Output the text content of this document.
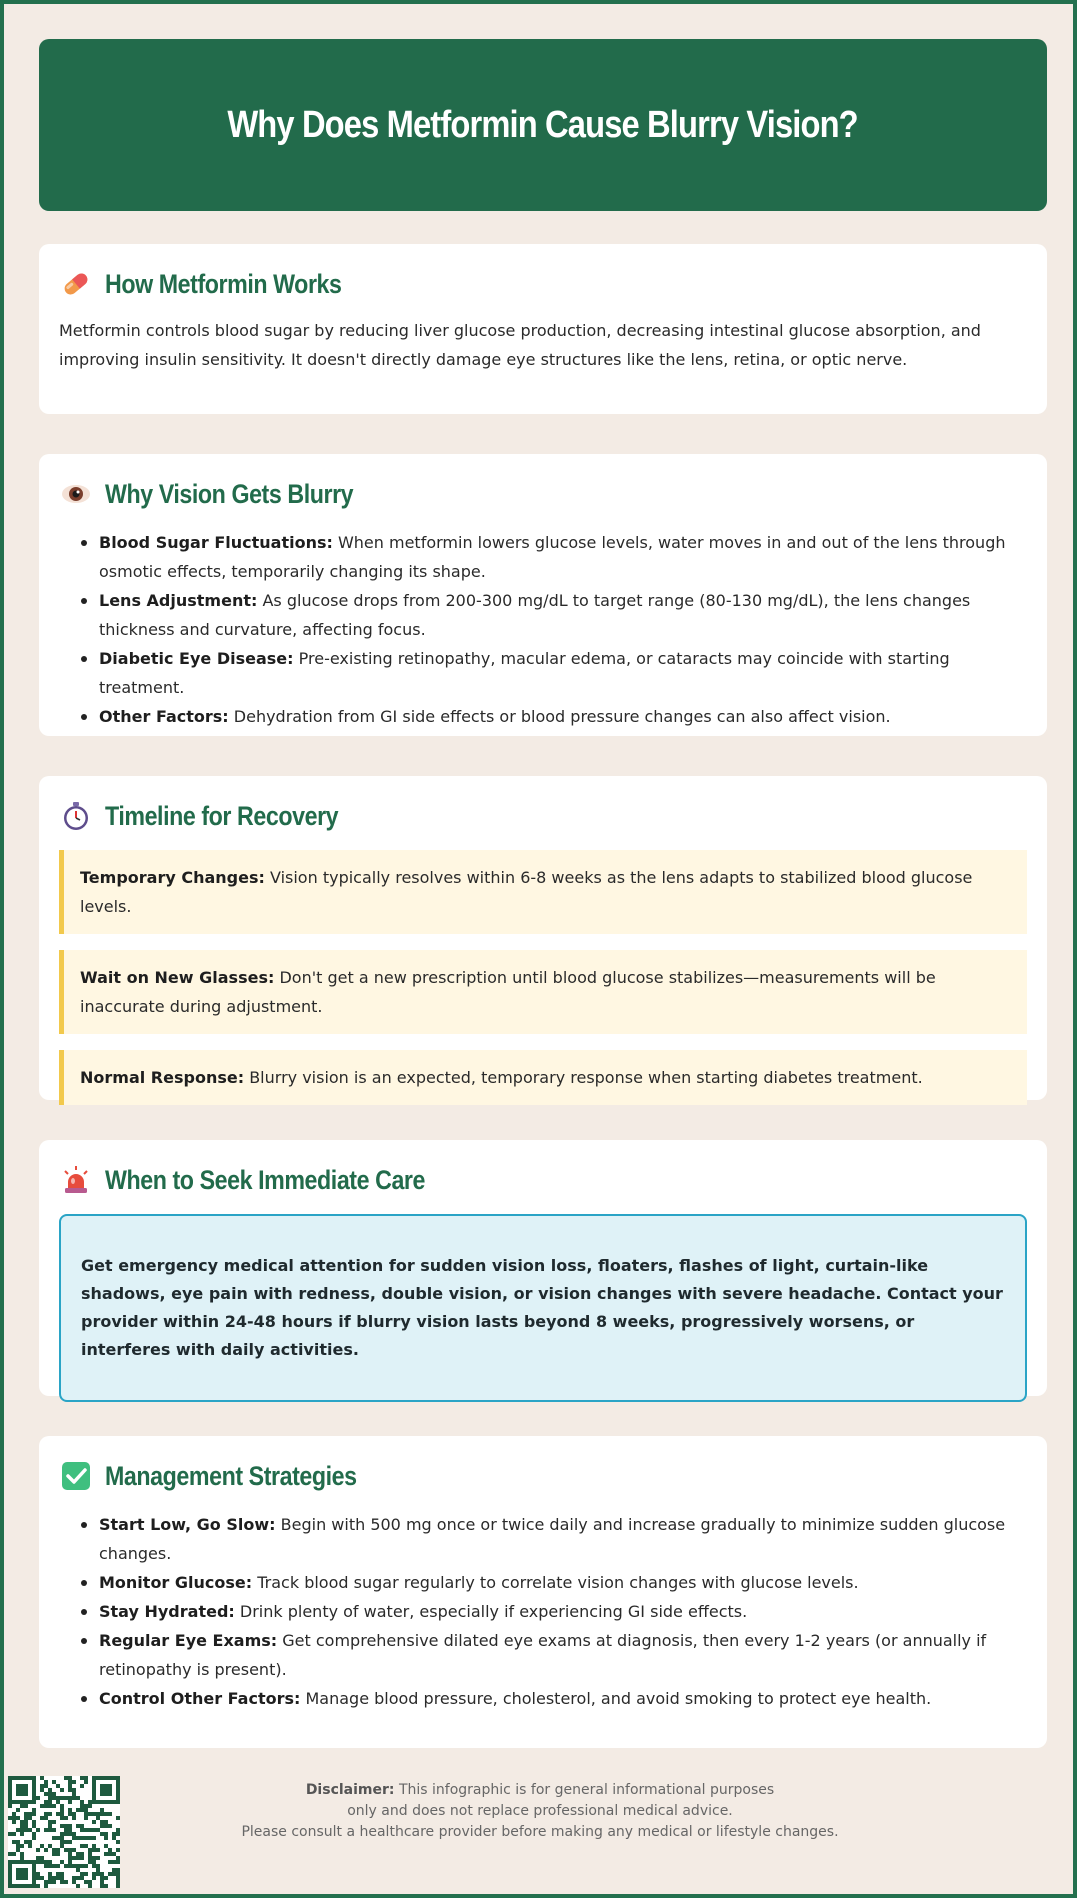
Why Does Metformin Cause Blurry Vision?
How Metformin Works

Metformin controls blood sugar by reducing liver glucose production, decreasing intestinal glucose absorption, and improving insulin sensitivity. It doesn't directly damage eye structures like the lens, retina, or optic nerve.

Why Vision Gets Blurry
Blood Sugar Fluctuations: When metformin lowers glucose levels, water moves in and out of the lens through osmotic effects, temporarily changing its shape.
Lens Adjustment: As glucose drops from 200-300 mg/dL to target range (80-130 mg/dL), the lens changes thickness and curvature, affecting focus.
Diabetic Eye Disease: Pre-existing retinopathy, macular edema, or cataracts may coincide with starting treatment.
Other Factors: Dehydration from GI side effects or blood pressure changes can also affect vision.
Timeline for Recovery
Temporary Changes: Vision typically resolves within 6-8 weeks as the lens adapts to stabilized blood glucose levels.
Wait on New Glasses: Don't get a new prescription until blood glucose stabilizes—measurements will be inaccurate during adjustment.
Normal Response: Blurry vision is an expected, temporary response when starting diabetes treatment.
When to Seek Immediate Care
Get emergency medical attention for sudden vision loss, floaters, flashes of light, curtain-like shadows, eye pain with redness, double vision, or vision changes with severe headache. Contact your provider within 24-48 hours if blurry vision lasts beyond 8 weeks, progressively worsens, or interferes with daily activities.
Management Strategies
Start Low, Go Slow: Begin with 500 mg once or twice daily and increase gradually to minimize sudden glucose changes.
Monitor Glucose: Track blood sugar regularly to correlate vision changes with glucose levels.
Stay Hydrated: Drink plenty of water, especially if experiencing GI side effects.
Regular Eye Exams: Get comprehensive dilated eye exams at diagnosis, then every 1-2 years (or annually if retinopathy is present).
Control Other Factors: Manage blood pressure, cholesterol, and avoid smoking to protect eye health.
Disclaimer: This infographic is for general informational purposes
only and does not replace professional medical advice.
Please consult a healthcare provider before making any medical or lifestyle changes.
